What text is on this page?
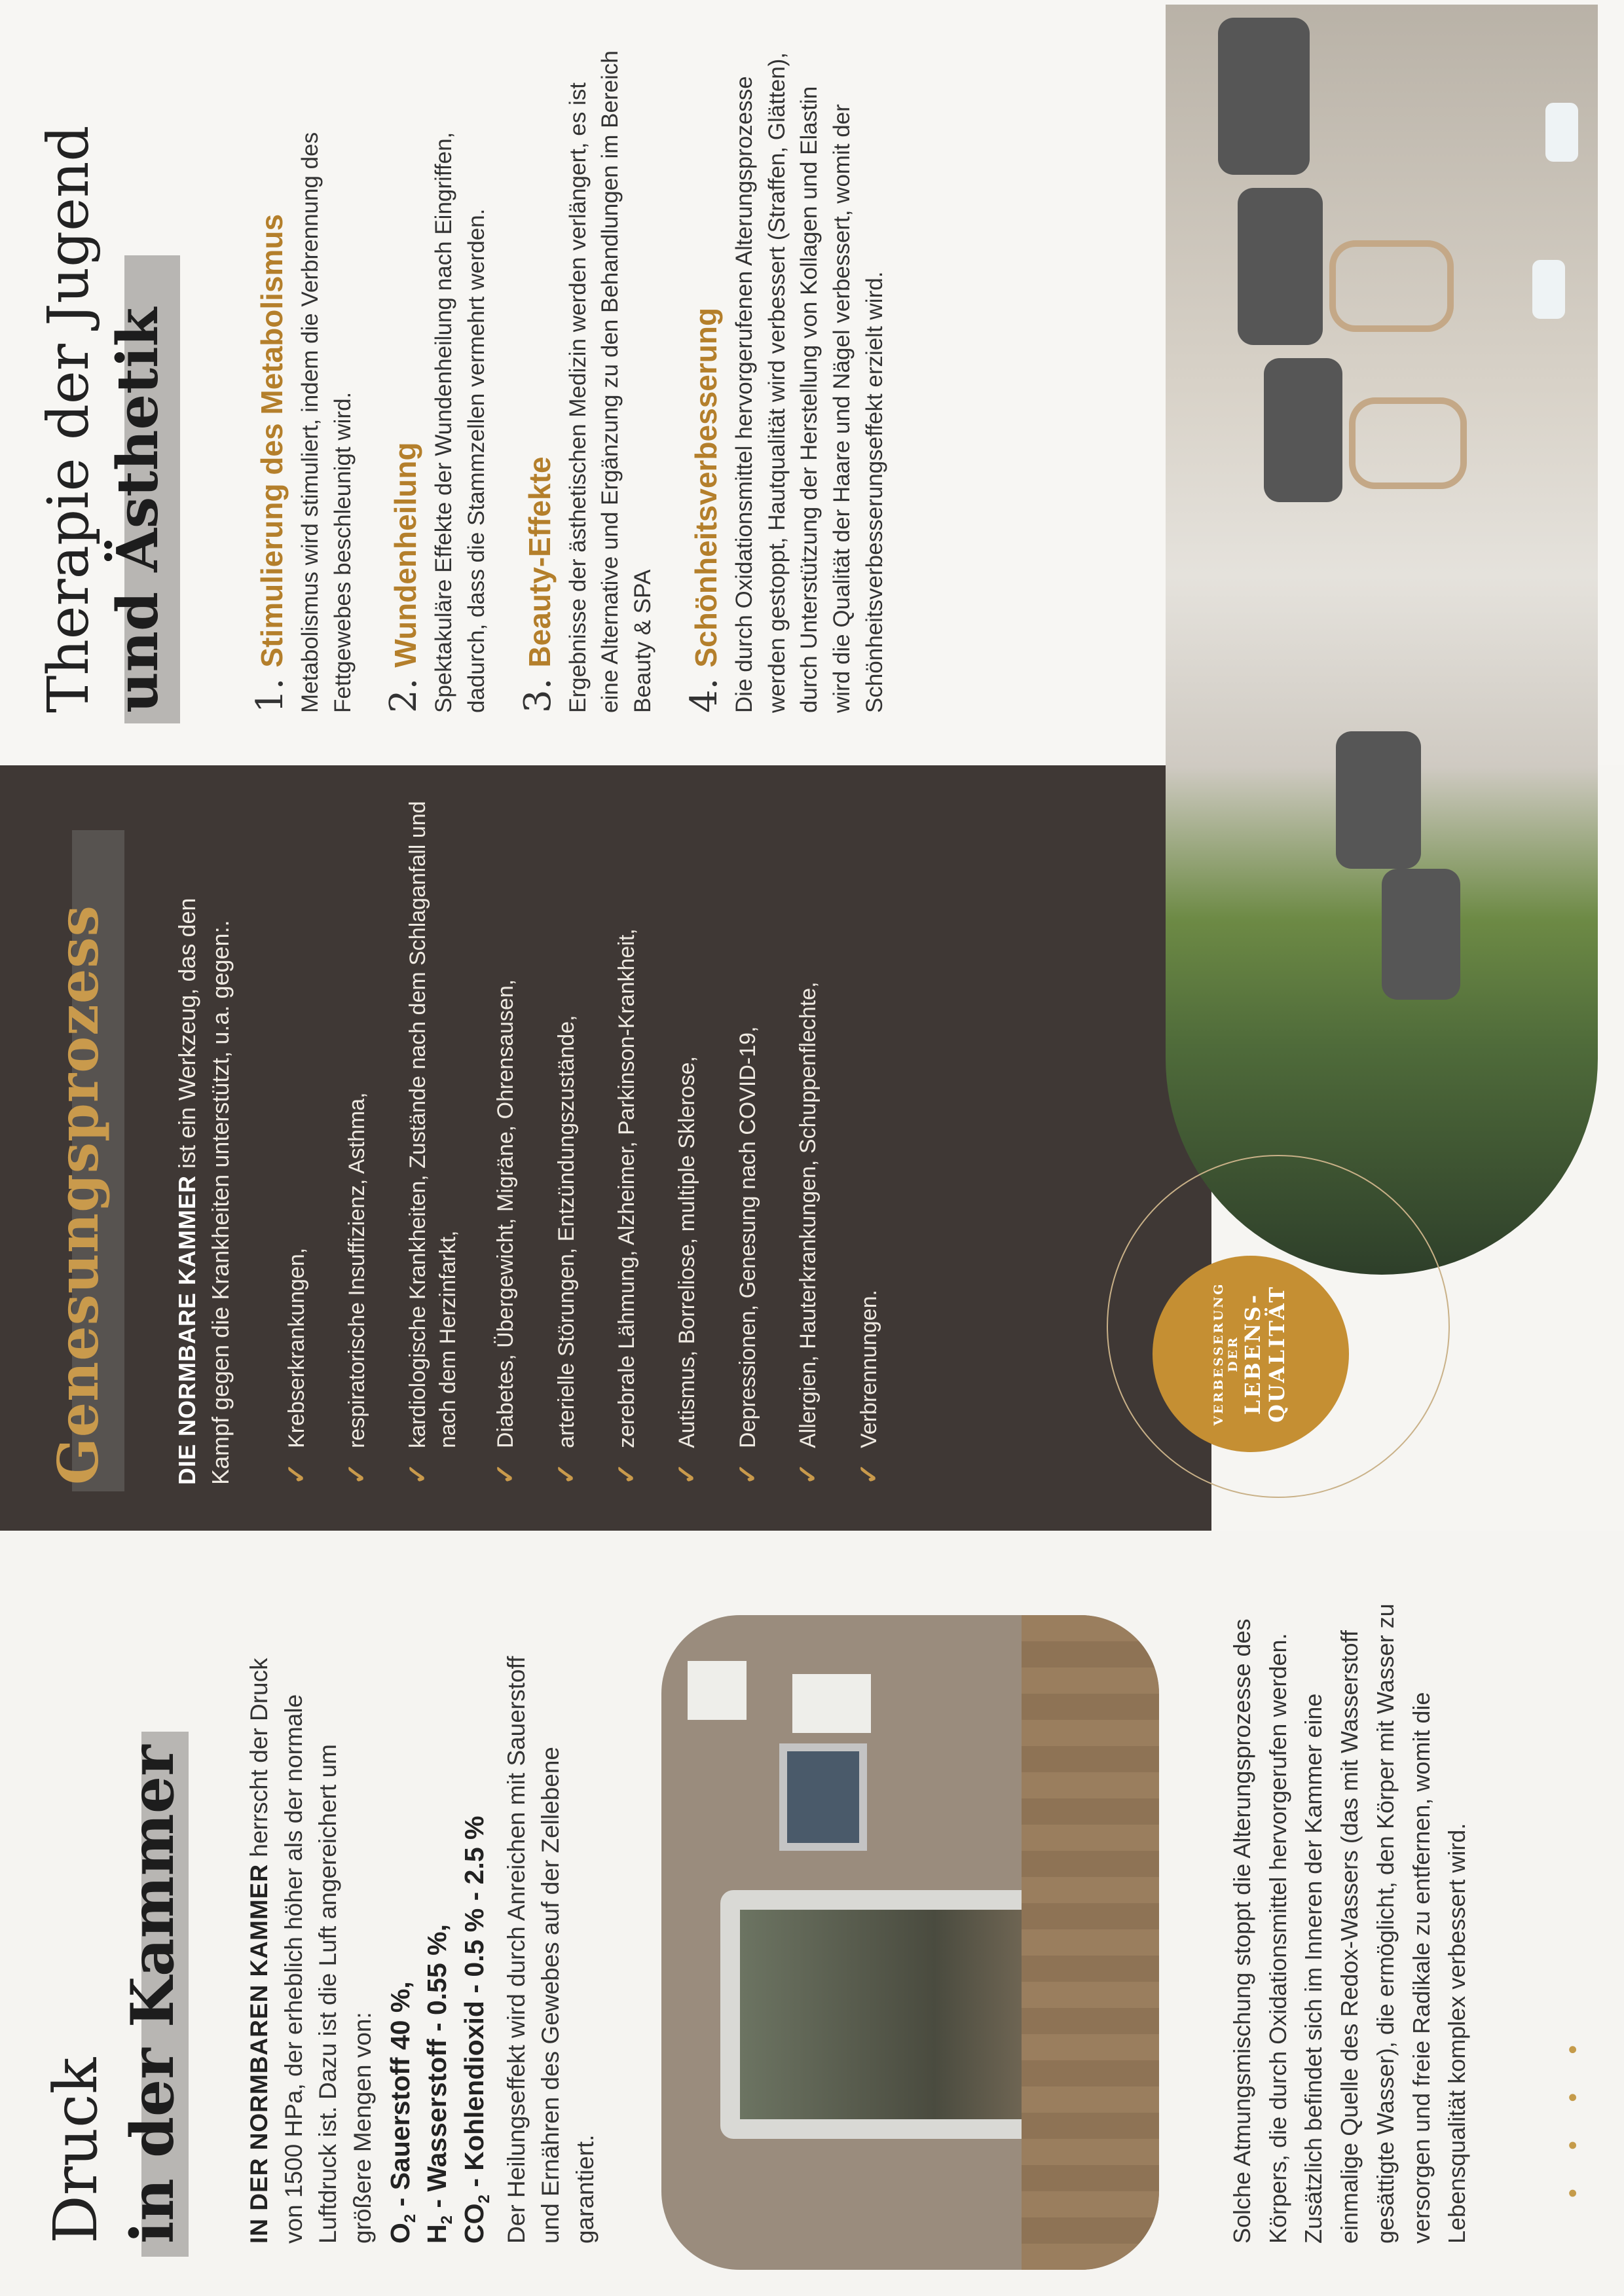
Druck in der Kammer IN DER NORMBAREN KAMMER herrscht der Druck von 1500 HPa, der erheblich höher als der normale Luftdruck ist. Dazu ist die Luft angereichert um größere Mengen von: $O_2$ - Sauerstoff 40 %,
$H_2$ - Wasserstoff - 0.55 %,
$CO_2$ - Kohlendioxid - 0.5 % - 2.5 % Der Heilungseffekt wird durch Anreichen mit Sauerstoff und Ernähren des Gewebes auf der Zellebene garantiert.	Solche Atmungsmischung stoppt die Alterungsprozesse des Körpers, die durch Oxidationsmittel hervorgerufen werden. Zusätzlich befindet sich im Inneren der Kammer eine einmalige Quelle des Redox-Wassers (das mit Wasserstoff gesättigte Wasser), die ermöglicht, den Körper mit Wasser zu versorgen und freie Radikale zu entfernen, womit die Lebensqualität komplex verbessert wird.
Genesungsprozess	DIE NORMBARE KAMMER ist ein Werkzeug, das den Kampf gegen die Krankheiten unterstützt, u.a. gegen:. ✓
Krebserkrankungen,
✓
respiratorische Insuffizienz, Asthma,
✓
kardiologische Krankheiten, Zustände nach dem Schlaganfall und nach dem Herzinfarkt,
✓
Diabetes, Übergewicht, Migräne, Ohrensausen,
✓
arterielle Störungen, Entzündungszustände,
✓
zerebrale Lähmung, Alzheimer, Parkinson-Krankheit,
✓
Autismus, Borreliose, multiple Sklerose,
✓
Depressionen, Genesung nach COVID-19,
✓
Allergien, Hauterkrankungen, Schuppenflechte,
✓
Verbrennungen.	VERBESSERUNG DER LEBENS-
QUALITÄT
Therapie der Jugend und Ästhetik 1.
Stimulierung des Metabolismus Metabolismus wird stimuliert, indem die Verbrennung des Fettgewebes beschleunigt wird. 2.
Wundenheilung Spektakuläre Effekte der Wundenheilung nach Eingriffen, dadurch, dass die Stammzellen vermehrt werden. 3.
Beauty-Effekte Ergebnisse der ästhetischen Medizin werden verlängert, es ist eine Alternative und Ergänzung zu den Behandlungen im Bereich Beauty & SPA 4.
Schönheitsverbesserung Die durch Oxidationsmittel hervorgerufenen Alterungsprozesse werden gestoppt, Hautqualität wird verbessert (Straffen, Glätten), durch Unterstützung der Herstellung von Kollagen und Elastin wird die Qualität der Haare und Nägel verbessert, womit der Schönheitsverbesserungseffekt erzielt wird.
• • • •
